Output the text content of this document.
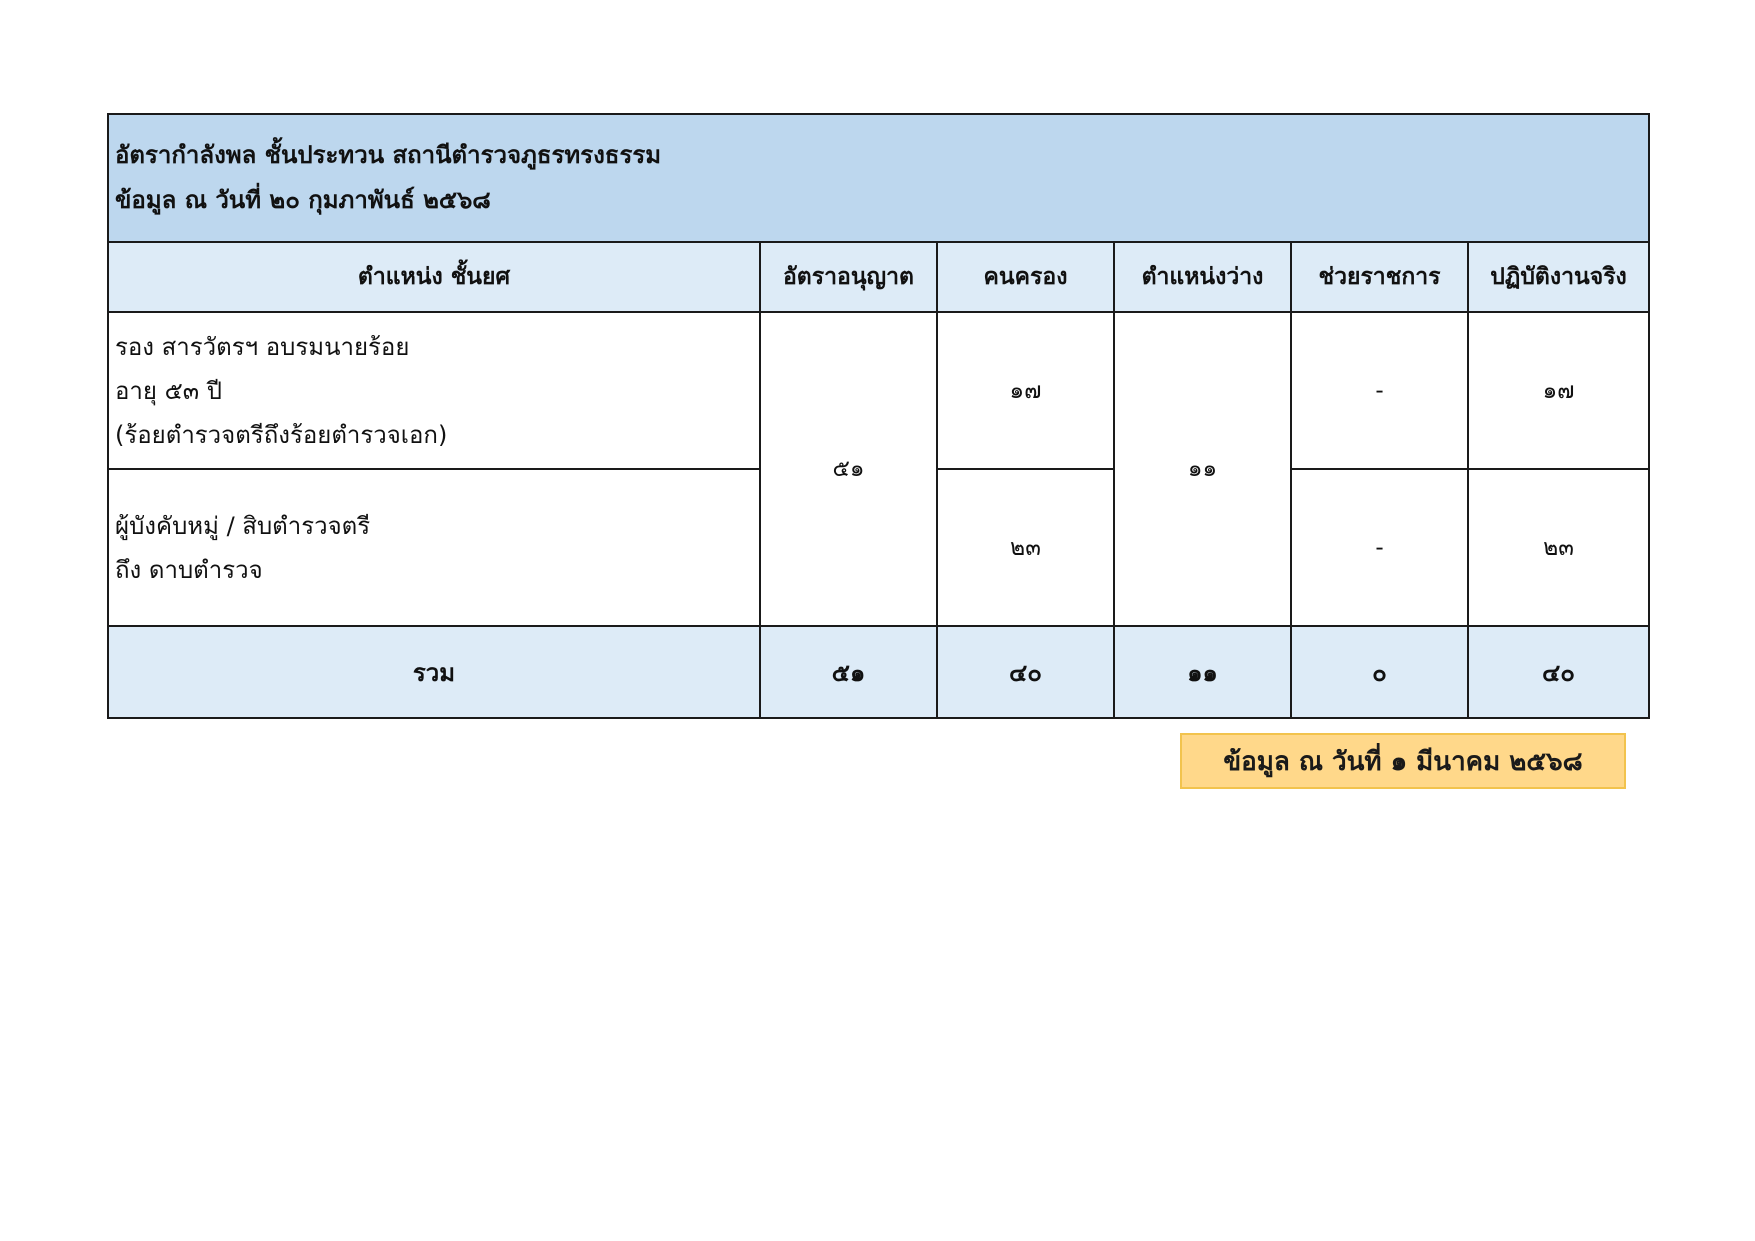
อัตรากำลังพล ชั้นประทวน สถานีตำรวจภูธรทรงธรรม
ข้อมูล ณ วันที่ ๒๐ กุมภาพันธ์ ๒๕๖๘					

ตำแหน่ง ชั้นยศ	อัตราอนุญาต	คนครอง	ตำแหน่งว่าง	ช่วยราชการ	ปฏิบัติงานจริง

รอง สารวัตรฯ อบรมนายร้อย
อายุ ๕๓ ปี
(ร้อยตำรวจตรีถึงร้อยตำรวจเอก)	๕๑	๑๗	๑๑	-	๑๗

ผู้บังคับหมู่ / สิบตำรวจตรี
ถึง ดาบตำรวจ		๒๓		-	๒๓
รวม	๕๑	๔๐	๑๑	๐	๔๐
ข้อมูล ณ วันที่ ๑ มีนาคม ๒๕๖๘
